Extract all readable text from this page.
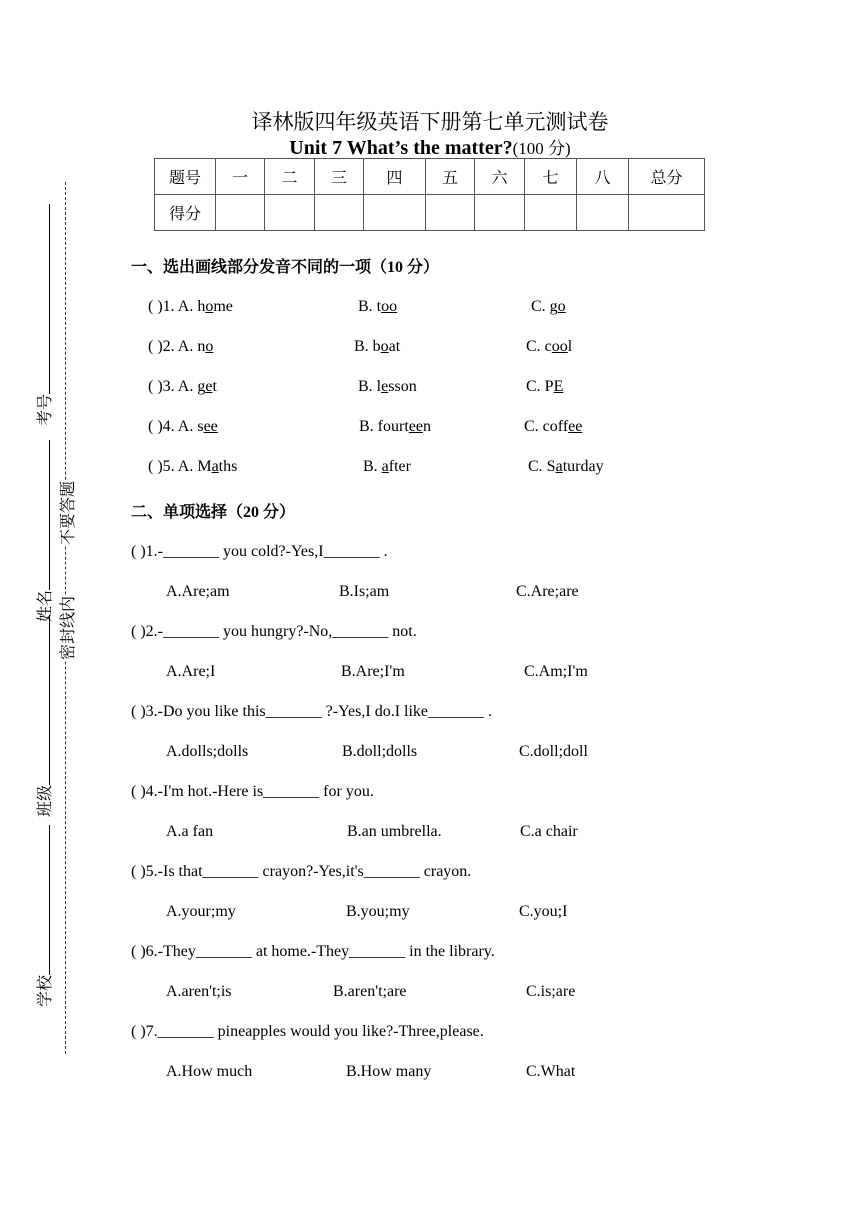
译林版四年级英语下册第七单元测试卷
Unit 7 What’s the matter?(100 分)
题号	一	二	三	四	五	六	七	八	总分
得分									
考号
姓名
班级
学校
不要答题
密封线内
一、选出画线部分发音不同的一项（10 分）
( )1. A. home	B. too	C. go
( )2. A. no	B. boat	C. cool
( )3. A. get	B. lesson	C. PE
( )4. A. see	B. fourteen	C. coffee
( )5. A. Maths	B. after	C. Saturday
二、单项选择（20 分）
( )1.-_______ you cold?-Yes,I_______ .
A.Are;am	B.Is;am	C.Are;are
( )2.-_______ you hungry?-No,_______ not.
A.Are;I	B.Are;I'm	C.Am;I'm
( )3.-Do you like this_______ ?-Yes,I do.I like_______ .
A.dolls;dolls	B.doll;dolls	C.doll;doll
( )4.-I'm hot.-Here is_______ for you.
A.a fan	B.an umbrella.	C.a chair
( )5.-Is that_______ crayon?-Yes,it's_______ crayon.
A.your;my	B.you;my	C.you;I
( )6.-They_______ at home.-They_______ in the library.
A.aren't;is	B.aren't;are	C.is;are
( )7._______ pineapples would you like?-Three,please.
A.How much	B.How many	C.What
